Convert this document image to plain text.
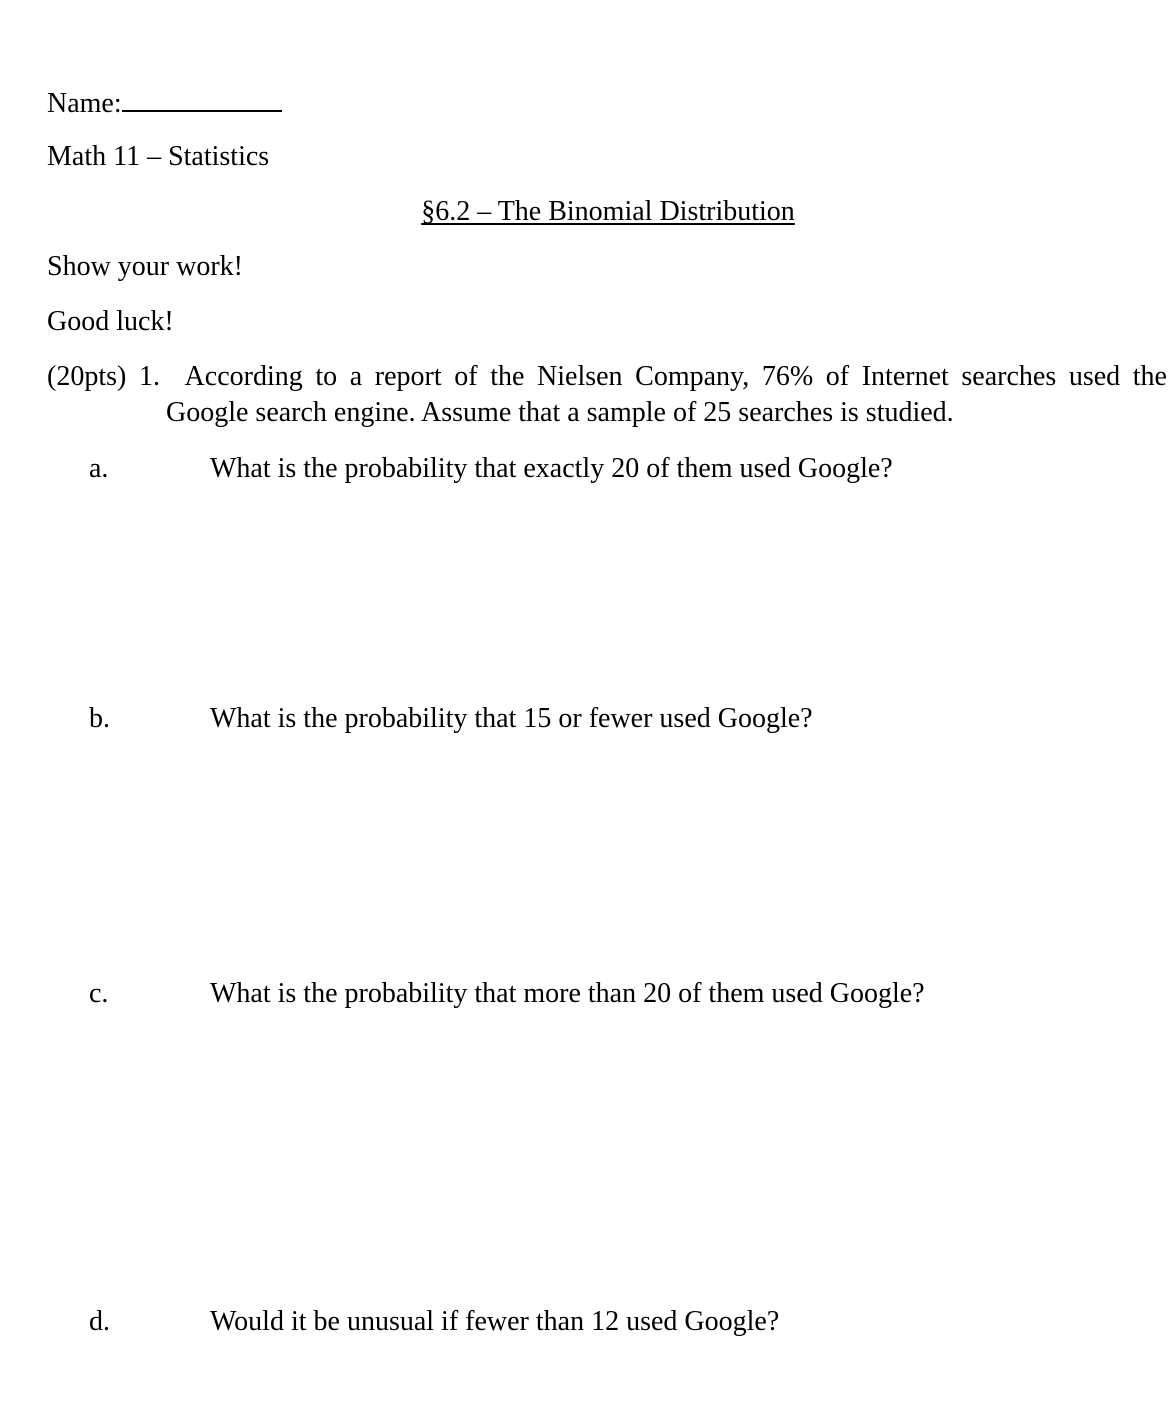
Name:
Math 11 – Statistics
§6.2 – The Binomial Distribution
Show your work!
Good luck!
(20pts) 1. According to a report of the Nielsen Company, 76% of Internet searches used the
Google search engine. Assume that a sample of 25 searches is studied.
a.	What is the probability that exactly 20 of them used Google?
b.	What is the probability that 15 or fewer used Google?
c.	What is the probability that more than 20 of them used Google?
d.	Would it be unusual if fewer than 12 used Google?
